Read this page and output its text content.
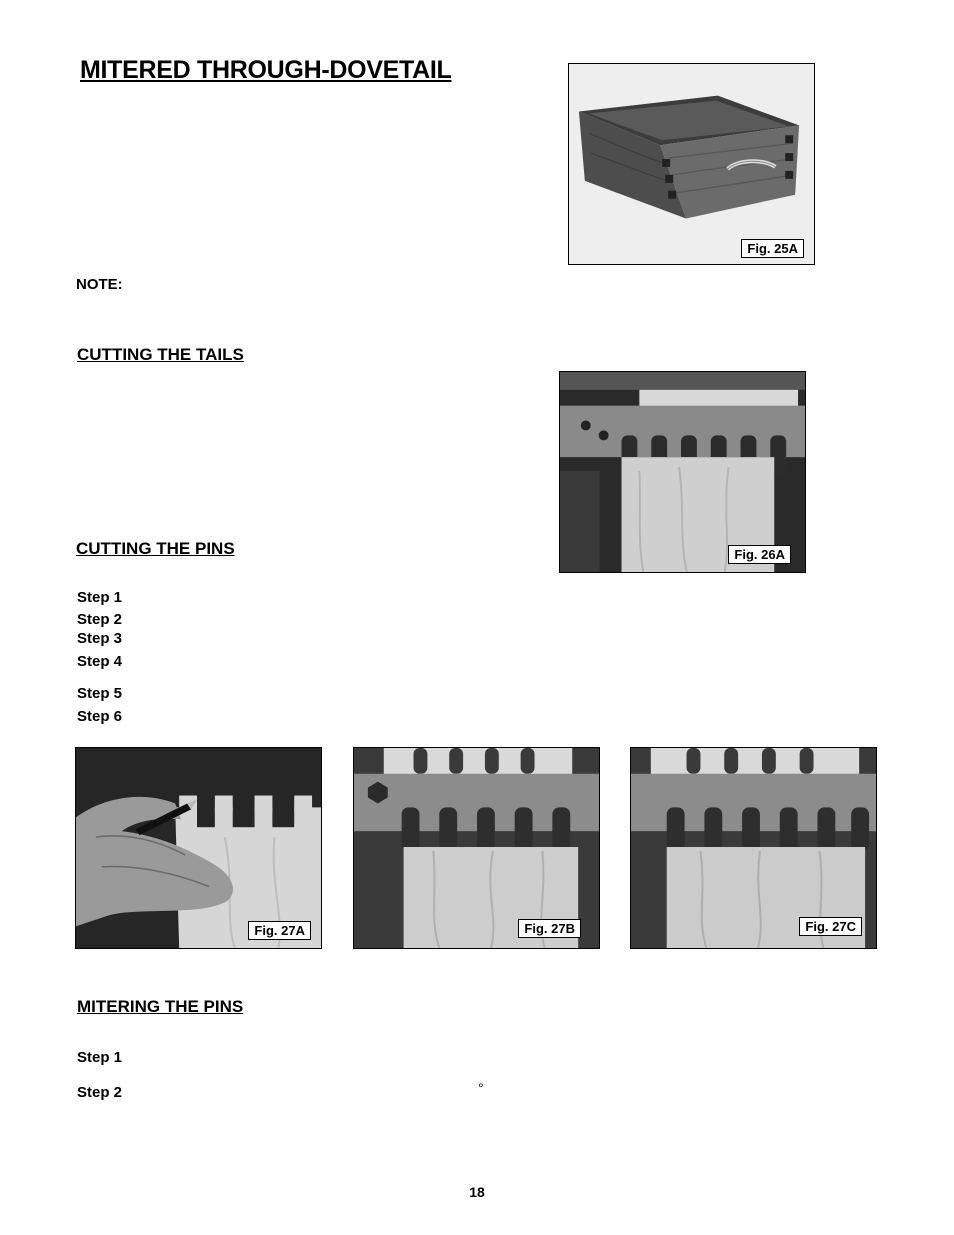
MITERED THROUGH-DOVETAIL
Fig. 25A
NOTE:
CUTTING THE TAILS
Fig. 26A
CUTTING THE PINS
Step 1
Step 2
Step 3
Step 4
Step 5
Step 6
Fig. 27A	Fig. 27B	Fig. 27C
MITERING THE PINS
Step 1
Step 2	°
18
